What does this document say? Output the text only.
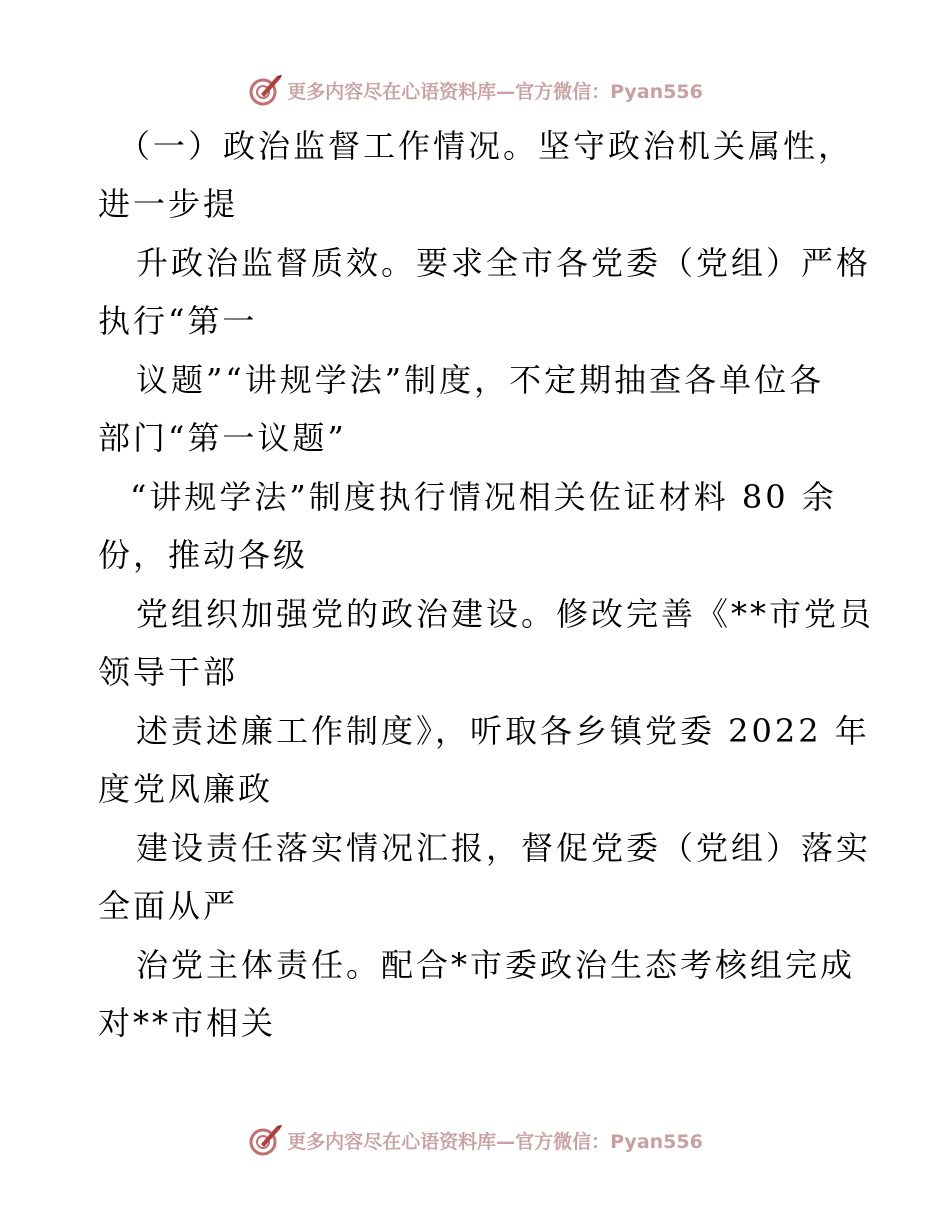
更多内容尽在心语资料库—官方微信：Pyan556
（一）政治监督工作情况。坚守政治机关属性，
进一步提
升政治监督质效。要求全市各党委（党组）严格
执行“第一
议题”“讲规学法”制度，不定期抽查各单位各
部门“第一议题”
“讲规学法”制度执行情况相关佐证材料 80 余
份，推动各级
党组织加强党的政治建设。修改完善《**市党员
领导干部
述责述廉工作制度》，听取各乡镇党委 2022 年
度党风廉政
建设责任落实情况汇报，督促党委（党组）落实
全面从严
治党主体责任。配合*市委政治生态考核组完成
对**市相关
更多内容尽在心语资料库—官方微信：Pyan556
